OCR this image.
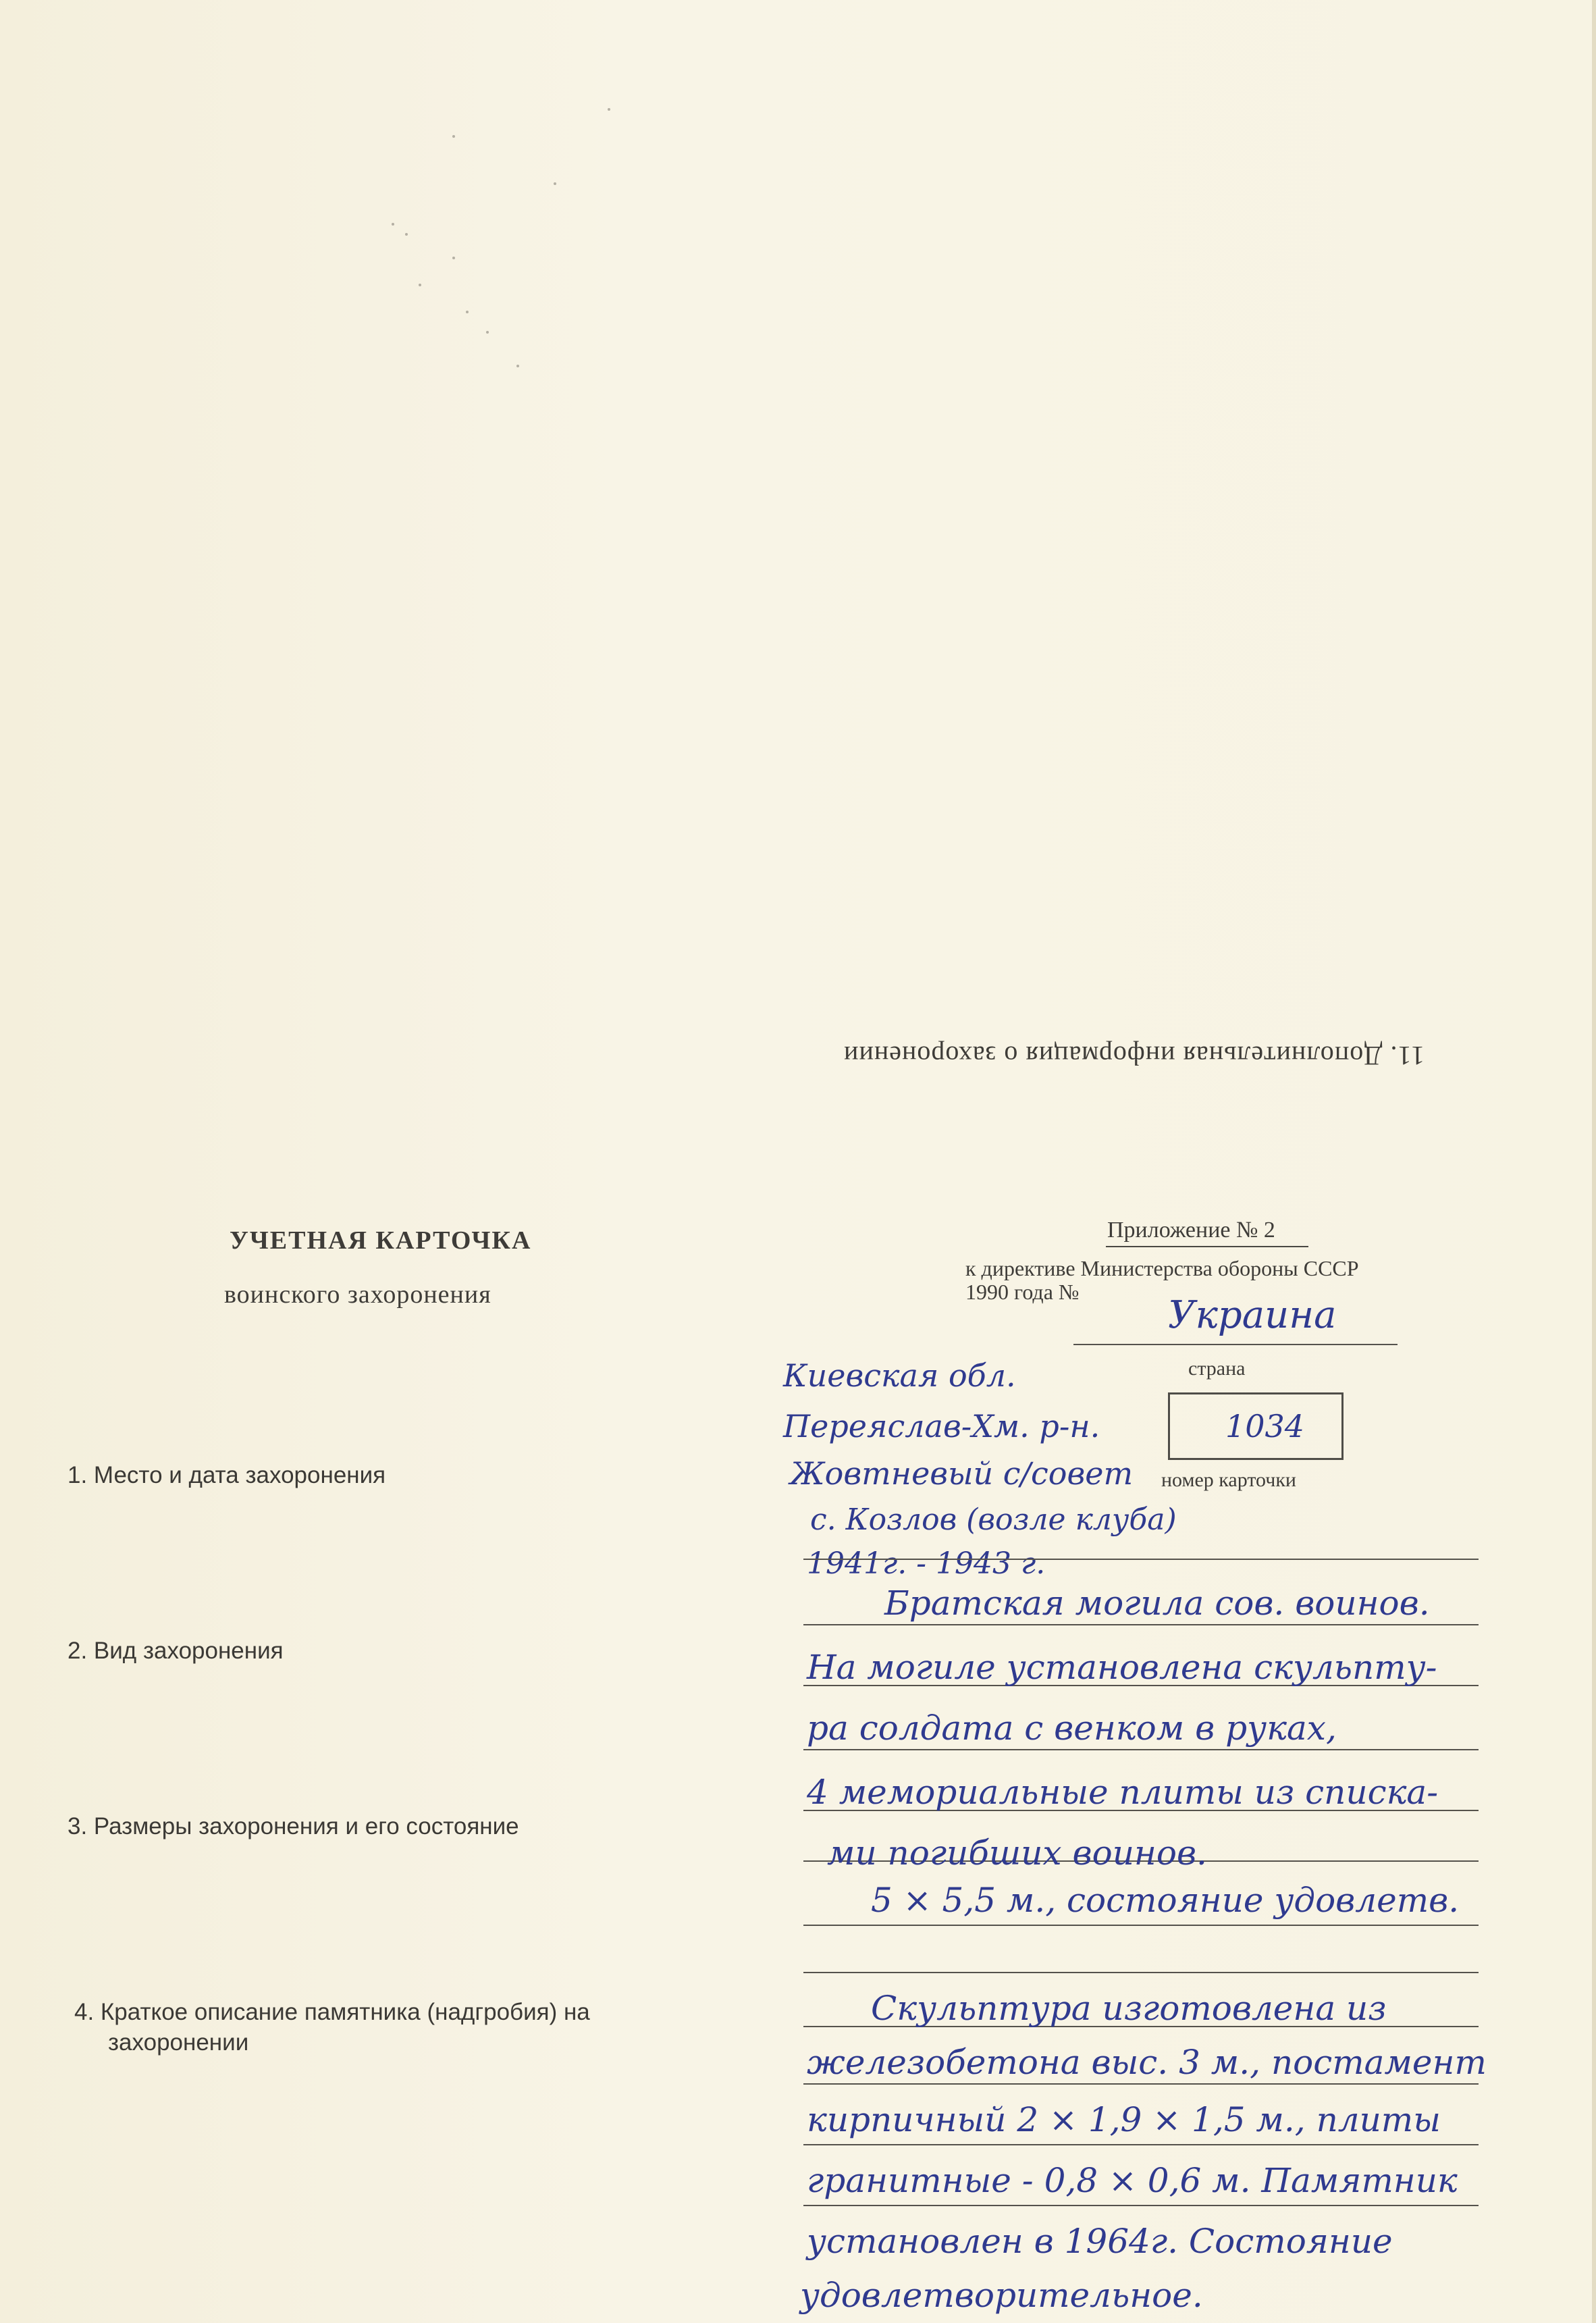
11. Дополнительная информация о захоронении
УЧЕТНАЯ КАРТОЧКА
воинского захоронения
Приложение № 2
к директиве Министерства обороны СССР
1990 года №
Украина
страна
1034
номер карточки
Киевская обл.
Переяслав-Хм. р-н.
Жовтневый с/совет
с. Козлов (возле клуба)
1941г. - 1943 г.
1. Место и дата захоронения
2. Вид захоронения
3. Размеры захоронения и его состояние
4. Краткое описание памятника (надгробия) на
захоронении
Братская могила сов. воинов.
На могиле установлена скульпту-
ра солдата с венком в руках,
4 мемориальные плиты из списка-
ми погибших воинов.
5 × 5,5 м., состояние удовлетв.
Скульптура изготовлена из
железобетона выс. 3 м., постамент
кирпичный 2 × 1,9 × 1,5 м., плиты
гранитные - 0,8 × 0,6 м. Памятник
установлен в 1964г. Состояние
удовлетворительное.
